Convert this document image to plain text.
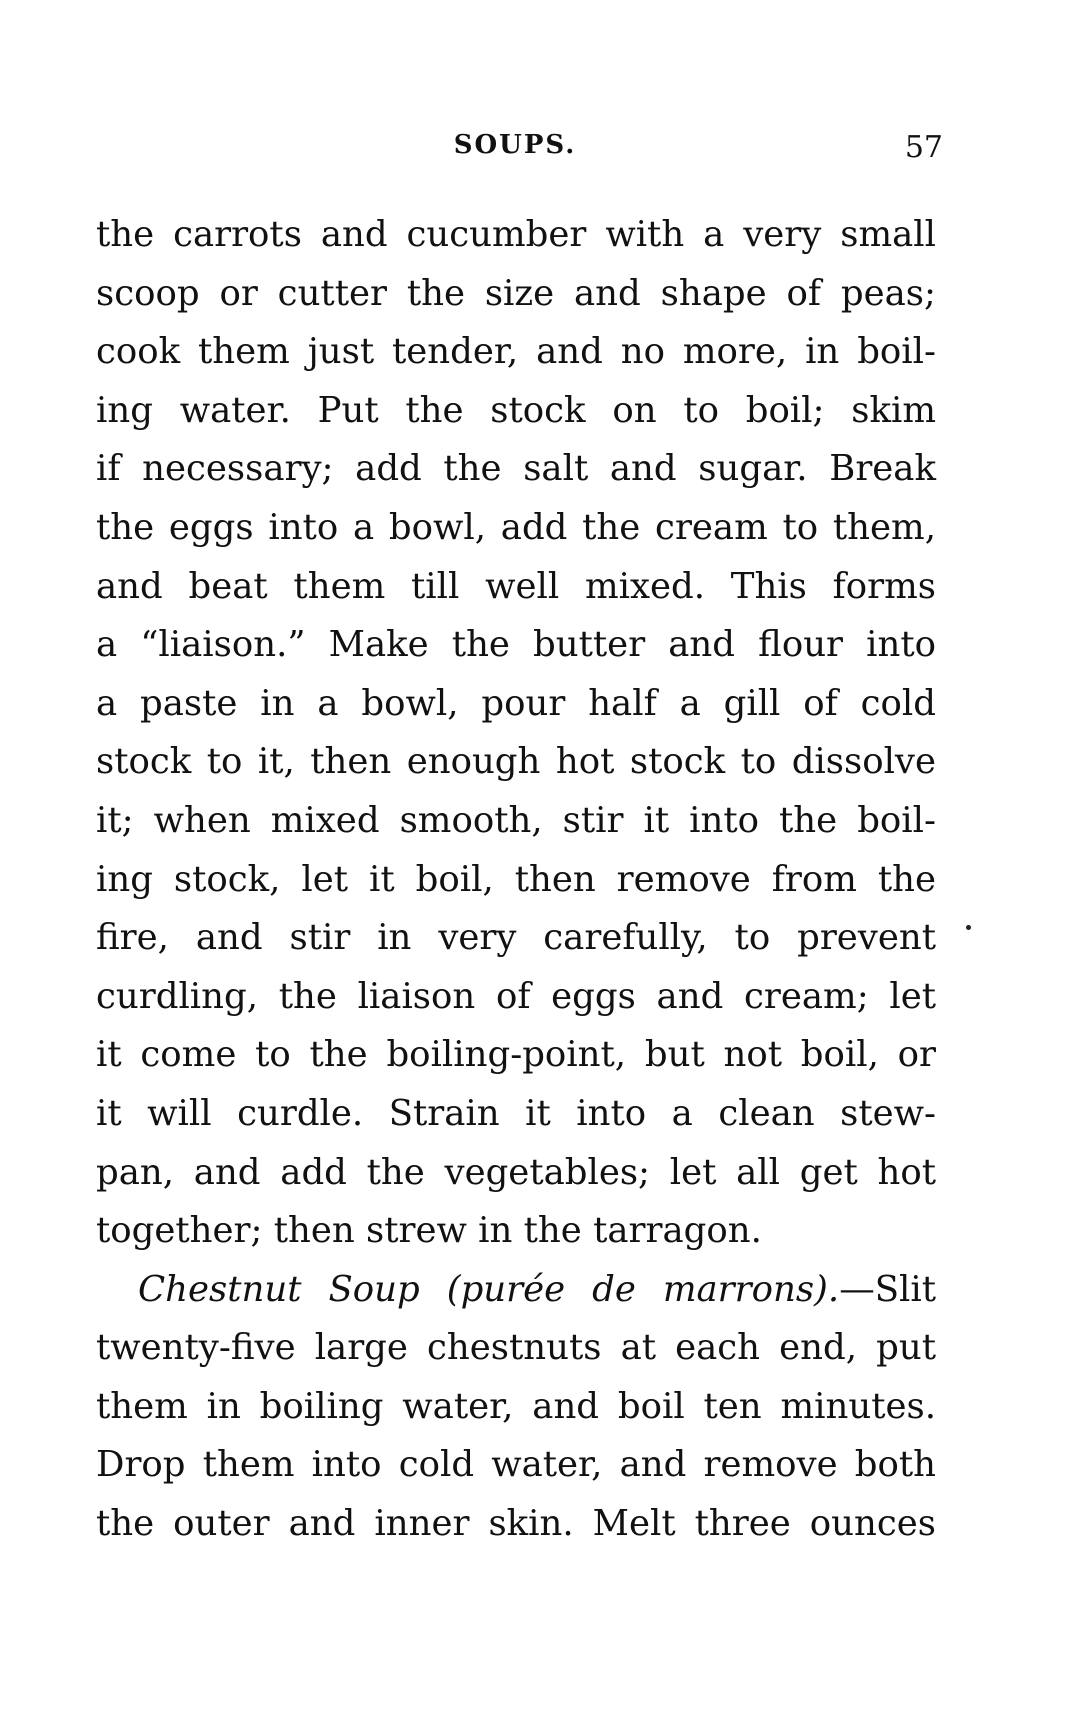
SOUPS.	57
the carrots and cucumber with a very small
scoop or cutter the size and shape of peas;
cook them just tender, and no more, in boil-
ing water. Put the stock on to boil; skim
if necessary; add the salt and sugar. Break
the eggs into a bowl, add the cream to them,
and beat them till well mixed. This forms
a “liaison.” Make the butter and flour into
a paste in a bowl, pour half a gill of cold
stock to it, then enough hot stock to dissolve
it; when mixed smooth, stir it into the boil-
ing stock, let it boil, then remove from the
fire, and stir in very carefully, to prevent
curdling, the liaison of eggs and cream; let
it come to the boiling-point, but not boil, or
it will curdle. Strain it into a clean stew-
pan, and add the vegetables; let all get hot
together; then strew in the tarragon.
Chestnut Soup (purée de marrons).—Slit
twenty-five large chestnuts at each end, put
them in boiling water, and boil ten minutes.
Drop them into cold water, and remove both
the outer and inner skin. Melt three ounces
